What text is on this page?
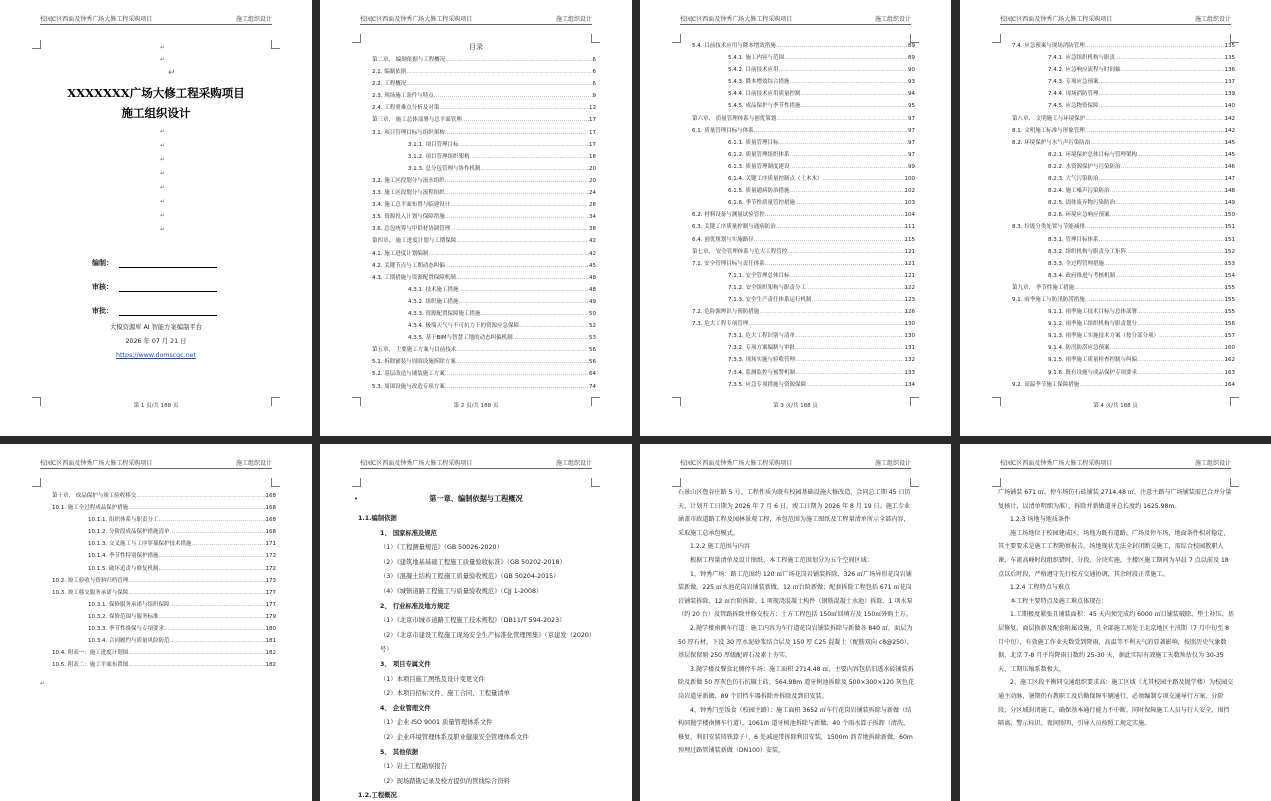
校园C区西面及钟秀广场大修工程采购项目	施工组织设计
↵
↵
↵
XXXXXXX广场大修工程采购项目
施工组织设计
↵
↵
↵
↵
↵
↵
↵
↵
编制：
审核：
审批：
大模资源库 AI 智能方案编制平台
2026 年 07 月 21 日
https://www.domscgc.net
第 1 页/共 188 页
校园C区西面及钟秀广场大修工程采购项目	施工组织设计
目录
第二章、 编制依据与工程概况 ………………………………………………………………………………………………………………………………………………………………………………………………	6
2.1. 编制依据 ………………………………………………………………………………………………………………………………………………………………………………………………	6
2.2. 工程概况 ………………………………………………………………………………………………………………………………………………………………………………………………	6
2.3. 现场施工条件与特点 ………………………………………………………………………………………………………………………………………………………………………………………………	9
2.4. 工程重难点分析及对策 ………………………………………………………………………………………………………………………………………………………………………………………………	12
第三章、 施工总体部署与总平面管理 ………………………………………………………………………………………………………………………………………………………………………………………………	17
3.1. 项目管理目标与组织架构 ………………………………………………………………………………………………………………………………………………………………………………………………	17
3.1.1. 项目管理目标 ………………………………………………………………………………………………………………………………………………………………………………………………	17
3.1.2. 项目管理组织架构 ………………………………………………………………………………………………………………………………………………………………………………………………	18
3.1.3. 总分包管理与协作机制 ………………………………………………………………………………………………………………………………………………………………………………………………	20
3.2. 施工区段划分与流水组织 ………………………………………………………………………………………………………………………………………………………………………………………………	20
3.3. 施工区段划分与流程组织 ………………………………………………………………………………………………………………………………………………………………………………………………	24
3.4. 施工总平面布置与临建设计 ………………………………………………………………………………………………………………………………………………………………………………………………	28
3.5. 资源投入计划与保障措施 ………………………………………………………………………………………………………………………………………………………………………………………………	34
3.6. 总包统筹与甲供材协调管理 ………………………………………………………………………………………………………………………………………………………………………………………………	38
第四章、 施工进度计划与工期保障 ………………………………………………………………………………………………………………………………………………………………………………………………	42
4.1. 施工进度计划编制 ………………………………………………………………………………………………………………………………………………………………………………………………	42
4.2. 关键节点与工期动态纠偏 ………………………………………………………………………………………………………………………………………………………………………………………………	45
4.3. 工期措施与资源配置保障机制 ………………………………………………………………………………………………………………………………………………………………………………………………	48
4.3.1. 技术施工措施 ………………………………………………………………………………………………………………………………………………………………………………………………	48
4.3.2. 组织施工措施 ………………………………………………………………………………………………………………………………………………………………………………………………	49
4.3.3. 资源配置保障施工措施 ………………………………………………………………………………………………………………………………………………………………………………………………	50
4.3.4. 极端天气与不可抗力下的资源应急保障 ………………………………………………………………………………………………………………………………………………………………………………………………	52
4.3.5. 基于BIM与智慧工地的动态纠偏机制 ………………………………………………………………………………………………………………………………………………………………………………………………	53
第五章、 主要施工方案与目前技术 ………………………………………………………………………………………………………………………………………………………………………………………………	56
5.1. 拆除铺装与周围设施拆除方案 ………………………………………………………………………………………………………………………………………………………………………………………………	56
5.2. 基层改造与铺装施工方案 ………………………………………………………………………………………………………………………………………………………………………………………………	64
5.3. 周围设施与改造专项方案 ………………………………………………………………………………………………………………………………………………………………………………………………	74
第 2 页/共 188 页
校园C区西面及钟秀广场大修工程采购项目	施工组织设计
5.4. 目前技术应用与降本增效措施 ………………………………………………………………………………………………………………………………………………………………………………………………	89
5.4.1. 施工内容与范围 ………………………………………………………………………………………………………………………………………………………………………………………………	89
5.4.2. 目前技术应用 ………………………………………………………………………………………………………………………………………………………………………………………………	90
5.4.3. 降本增效综合措施 ………………………………………………………………………………………………………………………………………………………………………………………………	93
5.4.4. 目前技术应用质量控制 ………………………………………………………………………………………………………………………………………………………………………………………………	94
5.4.5. 成品保护与季节性措施 ………………………………………………………………………………………………………………………………………………………………………………………………	95
第六章、 质量管理体系与创优策划 ………………………………………………………………………………………………………………………………………………………………………………………………	97
6.1. 质量管理目标与体系 ………………………………………………………………………………………………………………………………………………………………………………………………	97
6.1.1. 质量管理目标 ………………………………………………………………………………………………………………………………………………………………………………………………	97
6.1.2. 质量管理组织体系 ………………………………………………………………………………………………………………………………………………………………………………………………	97
6.1.3. 质量管理制度建设 ………………………………………………………………………………………………………………………………………………………………………………………………	99
6.1.4. 关键工序质量控制点（土木木） ………………………………………………………………………………………………………………………………………………………………………………………………	100
6.1.5. 质量通病防治措施 ………………………………………………………………………………………………………………………………………………………………………………………………	102
6.1.6. 季节性质量管控措施 ………………………………………………………………………………………………………………………………………………………………………………………………	103
6.2. 材料设备与测量试验管控 ………………………………………………………………………………………………………………………………………………………………………………………………	104
6.3. 关键工序质量控制与通病防治 ………………………………………………………………………………………………………………………………………………………………………………………………	111
6.4. 创优规划与实施路径 ………………………………………………………………………………………………………………………………………………………………………………………………	115
第七章、 安全管理体系与危大工程管控 ………………………………………………………………………………………………………………………………………………………………………………………………	121
7.1. 安全管理目标与责任体系 ………………………………………………………………………………………………………………………………………………………………………………………………	121
7.1.1. 安全管理总体目标 ………………………………………………………………………………………………………………………………………………………………………………………………	121
7.1.2. 安全组织架构与职责分工 ………………………………………………………………………………………………………………………………………………………………………………………………	122
7.1.3. 安全生产责任体系运行机制 ………………………………………………………………………………………………………………………………………………………………………………………………	123
7.2. 危险源辨识与预防措施 ………………………………………………………………………………………………………………………………………………………………………………………………	126
7.3. 危大工程专项管理 ………………………………………………………………………………………………………………………………………………………………………………………………	130
7.3.1. 危大工程识别与清单 ………………………………………………………………………………………………………………………………………………………………………………………………	130
7.3.2. 专项方案编制与审批 ………………………………………………………………………………………………………………………………………………………………………………………………	131
7.3.3. 现场实施与验收管理 ………………………………………………………………………………………………………………………………………………………………………………………………	132
7.3.4. 监测监控与预警机制 ………………………………………………………………………………………………………………………………………………………………………………………………	133
7.3.5. 应急专项措施与资源保障 ………………………………………………………………………………………………………………………………………………………………………………………………	134
第 3 页/共 188 页
校园C区西面及钟秀广场大修工程采购项目	施工组织设计
7.4. 应急预案与现场消防管理 ………………………………………………………………………………………………………………………………………………………………………………………………	135
7.4.1. 应急组织机构与职责 ………………………………………………………………………………………………………………………………………………………………………………………………	135
7.4.2. 应急响应流程与时间轴 ………………………………………………………………………………………………………………………………………………………………………………………………	136
7.4.3. 专项应急预案 ………………………………………………………………………………………………………………………………………………………………………………………………	137
7.4.4. 现场消防管理 ………………………………………………………………………………………………………………………………………………………………………………………………	139
7.4.5. 应急物资保障 ………………………………………………………………………………………………………………………………………………………………………………………………	140
第八章、 文明施工与环境保护 ………………………………………………………………………………………………………………………………………………………………………………………………	142
8.1. 文明施工标准与形象管理 ………………………………………………………………………………………………………………………………………………………………………………………………	142
8.2. 环境保护与水气声污染防治 ………………………………………………………………………………………………………………………………………………………………………………………………	145
8.2.1. 环境保护总体目标与管理架构 ………………………………………………………………………………………………………………………………………………………………………………………………	145
8.2.2. 水资源保护与污染防治 ………………………………………………………………………………………………………………………………………………………………………………………………	146
8.2.3. 大气污染防治 ………………………………………………………………………………………………………………………………………………………………………………………………	147
8.2.4. 施工噪声污染防治 ………………………………………………………………………………………………………………………………………………………………………………………………	148
8.2.5. 固体废弃物污染防治 ………………………………………………………………………………………………………………………………………………………………………………………………	149
8.2.6. 环境应急响应预案 ………………………………………………………………………………………………………………………………………………………………………………………………	150
8.3. 垃圾分类处置与节能减排 ………………………………………………………………………………………………………………………………………………………………………………………………	151
8.3.1. 管理目标体系 ………………………………………………………………………………………………………………………………………………………………………………………………	151
8.3.2. 组织机构与职责分工矩阵 ………………………………………………………………………………………………………………………………………………………………………………………………	152
8.3.3. 全过程管理措施 ………………………………………………………………………………………………………………………………………………………………………………………………	153
8.3.4. 政府推进与考核机制 ………………………………………………………………………………………………………………………………………………………………………………………………	154
第九章、 季节性施工措施 ………………………………………………………………………………………………………………………………………………………………………………………………	155
9.1. 雨季施工与防汛防涝措施 ………………………………………………………………………………………………………………………………………………………………………………………………	155
9.1.1. 雨季施工技术目标与总体部署 ………………………………………………………………………………………………………………………………………………………………………………………………	155
9.1.2. 雨季施工组织机构与职责划分 ………………………………………………………………………………………………………………………………………………………………………………………………	156
9.1.3. 雨季施工实施技术方案（按分部分项） ………………………………………………………………………………………………………………………………………………………………………………………………	157
9.1.4. 防汛防涝应急预案 ………………………………………………………………………………………………………………………………………………………………………………………………	160
9.1.5. 雨季施工质量检查控制与纠偏 ………………………………………………………………………………………………………………………………………………………………………………………………	162
9.1.6. 既有设施与成品保护专项要求 ………………………………………………………………………………………………………………………………………………………………………………………………	163
9.2. 高温季节施工保障措施 ………………………………………………………………………………………………………………………………………………………………………………………………	164
第 4 页/共 188 页
校园C区西面及钟秀广场大修工程采购项目	施工组织设计
第十章、 成品保护与竣工验收移交 ………………………………………………………………………………………………………………………………………………………………………………………………	168
10.1. 施工全过程成品保护措施 ………………………………………………………………………………………………………………………………………………………………………………………………	168
10.1.1. 组织体系与职责分工 ………………………………………………………………………………………………………………………………………………………………………………………………	168
10.1.2. 分阶段成品保护措施清单 ………………………………………………………………………………………………………………………………………………………………………………………………	168
10.1.3. 交叉施工与工序穿插保护技术措施 ………………………………………………………………………………………………………………………………………………………………………………………………	171
10.1.4. 季节性特别保护措施 ………………………………………………………………………………………………………………………………………………………………………………………………	172
10.1.5. 破坏追责与修复机制 ………………………………………………………………………………………………………………………………………………………………………………………………	172
10.2. 竣工验收与资料归档管理 ………………………………………………………………………………………………………………………………………………………………………………………………	173
10.3. 竣工移交服务承诺与保障 ………………………………………………………………………………………………………………………………………………………………………………………………	177
10.3.1. 保修服务承诺与组织保障 ………………………………………………………………………………………………………………………………………………………………………………………………	177
10.3.2. 保修范围与服务标准 ………………………………………………………………………………………………………………………………………………………………………………………………	179
10.3.3. 季节性维保与专项要求 ………………………………………………………………………………………………………………………………………………………………………………………………	180
10.3.4. 合同履约与质量风险防范 ………………………………………………………………………………………………………………………………………………………………………………………………	181
10.4. 附表一：施工进度计划图 ………………………………………………………………………………………………………………………………………………………………………………………………	182
10.5. 附表二：施工平面布置图 ………………………………………………………………………………………………………………………………………………………………………………………………	182
↵
校园C区西面及钟秀广场大修工程采购项目	施工组织设计
•	第一章、编制依据与工程概况

1.1.编制依据

1、 国家标准及规范

（1）《工程测量规范》（GB 50026-2020）

（2）《建筑地基基础工程施工质量验收标准》（GB 50202-2018）

（3）《混凝土结构工程施工质量验收规范》（GB 50204-2015）

（4）《城镇道路工程施工与质量验收规范》（CJJ 1-2008）

2、 行业标准及地方规定

（1）《北京市城市道路工程施工技术规程》（DB11/T 594-2023）

（2）《北京市建设工程施工现场安全生产标准化管理图集》（京建发（2020）号）

3、 项目专属文件

（1）本项目施工图纸及设计变更文件

（2）本项目招标文件、施工合同、工程量清单

4、 企业管理文件

（1）企业 ISO 9001 质量管理体系文件

（2）企业环境管理体系及职业健康安全管理体系文件

5、 其他依据

（1）岩土工程勘察报告

（2）现场踏勘记录及校方提供的管线综合资料

1.2.工程概况

校园C区西面及钟秀广场大修工程采购项目	施工组织设计

石景山区鲁谷庄路 5 号。工程性质为既有校园基础设施大修改造，合同总工期 45 日历天，计划开工日期为 2026 年 7 月 6 日，竣工日期为 2026 年 8 月 19 日。施工专业涵盖市政道路工程及园林景观工程，承包范围为施工图纸及工程量清单所示全部内容，采取施工总承包模式。

1.2.2 施工范围与内容

根据工程量清单及设计图纸，本工程施工范围划分为五个空间区域：

1、钟秀广场：路工范围约 120 ㎡广场花岗岩铺装拆除、326 ㎡广场异形花岗岩铺装新做。225 ㎡水池花岗岩铺装新做，12 ㎡台阶新做；配套拆除工程包括 671 ㎡花岗岩铺装拆除、12 ㎡台阶拆除、1 项现浇混凝土构件（钢筋混凝土水池）拆除、1 项水泵（约 20 台）及管路拆除并修交校方；土方工程包括 150㎡回填方及 150㎡外购土方。

2.抛学楼南侧车行道：施工内容为车行道花岗岩铺装拆除与新做各 840 ㎡，面层为 50 厚石材，下设 30 厚水泥砂浆结合层及 150 厚 C25 混凝土（配筋双向 c8@250），基层保留原 250 厚级配碎石及素土夯实。

3.抛学楼及餐食北侧停车场：施工面积 2714.48 ㎡，主要内容包括旧透水砖铺装拆除及新做 50 厚灰色仿石抗碾土砖、564.98m 道牙树池拆除及 500×300×120 灰色花岗岩道牙新做、89 个旧挡车器拆除并拆除及到旧安装。

4、钟秀门至饭食（校园主路）：施工面积 3652 ㎡车行花岗岩铺装拆除与新做（结构同抛学楼南侧车行道），1061m 道牙树池拆除与新做，40 个雨水算子拆卸（清洗、修复、利旧安装铸铁算子），6 处减速带拆除利旧安装，1500m 沥青地拆除新做，60m 预埋过路管铺装新做（DN100）安装，

校园C区西面及钟秀广场大修工程采购项目	施工组织设计

广场铺装 671 ㎡、停车场仿石砖铺装 2714.48 ㎡，注意主路与广场铺装需已合并分量复核计，以清单明细为准），拆除并新做道牙总长度约 1625.98m。

1.2.3 场地与地质条件

施工场地位于校园建成区，场地为既有道路、广场及停车场，地面条件相对稳定，其主要要求是施工工程勘察报告。场地现状无法全封闭断交施工，需综合校园教职人课、车流高峰时段组织错时、分段、分块实施，主楼区施工期间为早晨 7 点以前及 18 点以后时段，严格遵守先行校方交通协调，其余时段正常施工。

1.2.4 工程特点与难点

本工程主要特点及施工难点体现在：

1.工期极度紧张且铺装面积：45 天内须完成约 6000 ㎡目铺装破除、垫土补压、基层修复、面层换新及配套附属设施，且全部施工周处于北京地区主汛期（7 月中旬至 8 月中旬），有效施工作业天数受到降雨、高温等不利天气的显著影响，按照历史气象数据，北京 7-8 月平均降雨日数约 25-30 天，据此实际有效施工天数预估仅为 30-35 天，工期压缩系数极大。

2、施工区段平衡同交通组织要求高：施工区域（尤其校园主路及抛学楼）为校园交通主动脉，暑期仍有教职工及后勤保障车辆通行，必须编制专项交通导行方案，分阶段、分区域封闭施工，确保基本通行能力不中断，同时保障施工人员与行人安全，围挡隔离、警示标识、夜间照明、引导人员按照工规定实施。
